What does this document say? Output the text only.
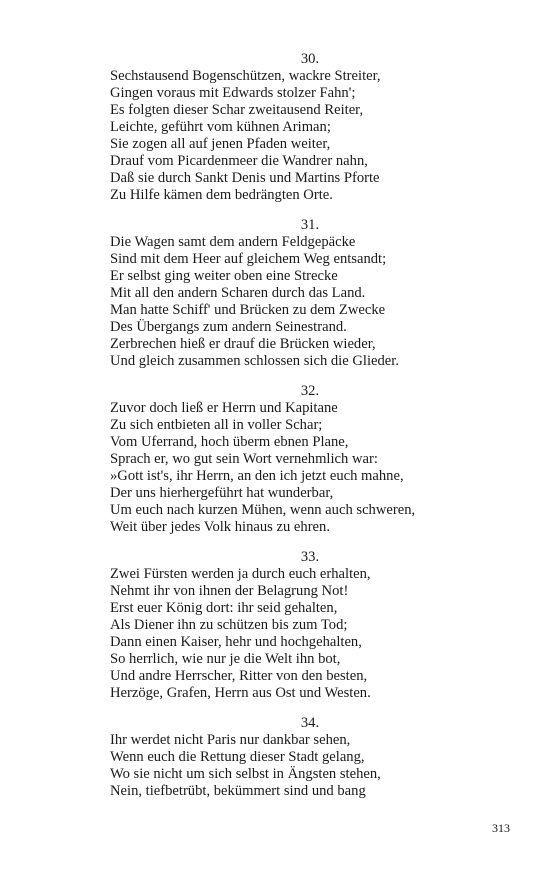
30.
Sechstausend Bogenschützen, wackre Streiter,
Gingen voraus mit Edwards stolzer Fahn';
Es folgten dieser Schar zweitausend Reiter,
Leichte, geführt vom kühnen Ariman;
Sie zogen all auf jenen Pfaden weiter,
Drauf vom Picardenmeer die Wandrer nahn,
Daß sie durch Sankt Denis und Martins Pforte
Zu Hilfe kämen dem bedrängten Orte.
31.
Die Wagen samt dem andern Feldgepäcke
Sind mit dem Heer auf gleichem Weg entsandt;
Er selbst ging weiter oben eine Strecke
Mit all den andern Scharen durch das Land.
Man hatte Schiff' und Brücken zu dem Zwecke
Des Übergangs zum andern Seinestrand.
Zerbrechen hieß er drauf die Brücken wieder,
Und gleich zusammen schlossen sich die Glieder.
32.
Zuvor doch ließ er Herrn und Kapitane
Zu sich entbieten all in voller Schar;
Vom Uferrand, hoch überm ebnen Plane,
Sprach er, wo gut sein Wort vernehmlich war:
»Gott ist's, ihr Herrn, an den ich jetzt euch mahne,
Der uns hierhergeführt hat wunderbar,
Um euch nach kurzen Mühen, wenn auch schweren,
Weit über jedes Volk hinaus zu ehren.
33.
Zwei Fürsten werden ja durch euch erhalten,
Nehmt ihr von ihnen der Belagrung Not!
Erst euer König dort: ihr seid gehalten,
Als Diener ihn zu schützen bis zum Tod;
Dann einen Kaiser, hehr und hochgehalten,
So herrlich, wie nur je die Welt ihn bot,
Und andre Herrscher, Ritter von den besten,
Herzöge, Grafen, Herrn aus Ost und Westen.
34.
Ihr werdet nicht Paris nur dankbar sehen,
Wenn euch die Rettung dieser Stadt gelang,
Wo sie nicht um sich selbst in Ängsten stehen,
Nein, tiefbetrübt, bekümmert sind und bang
313
